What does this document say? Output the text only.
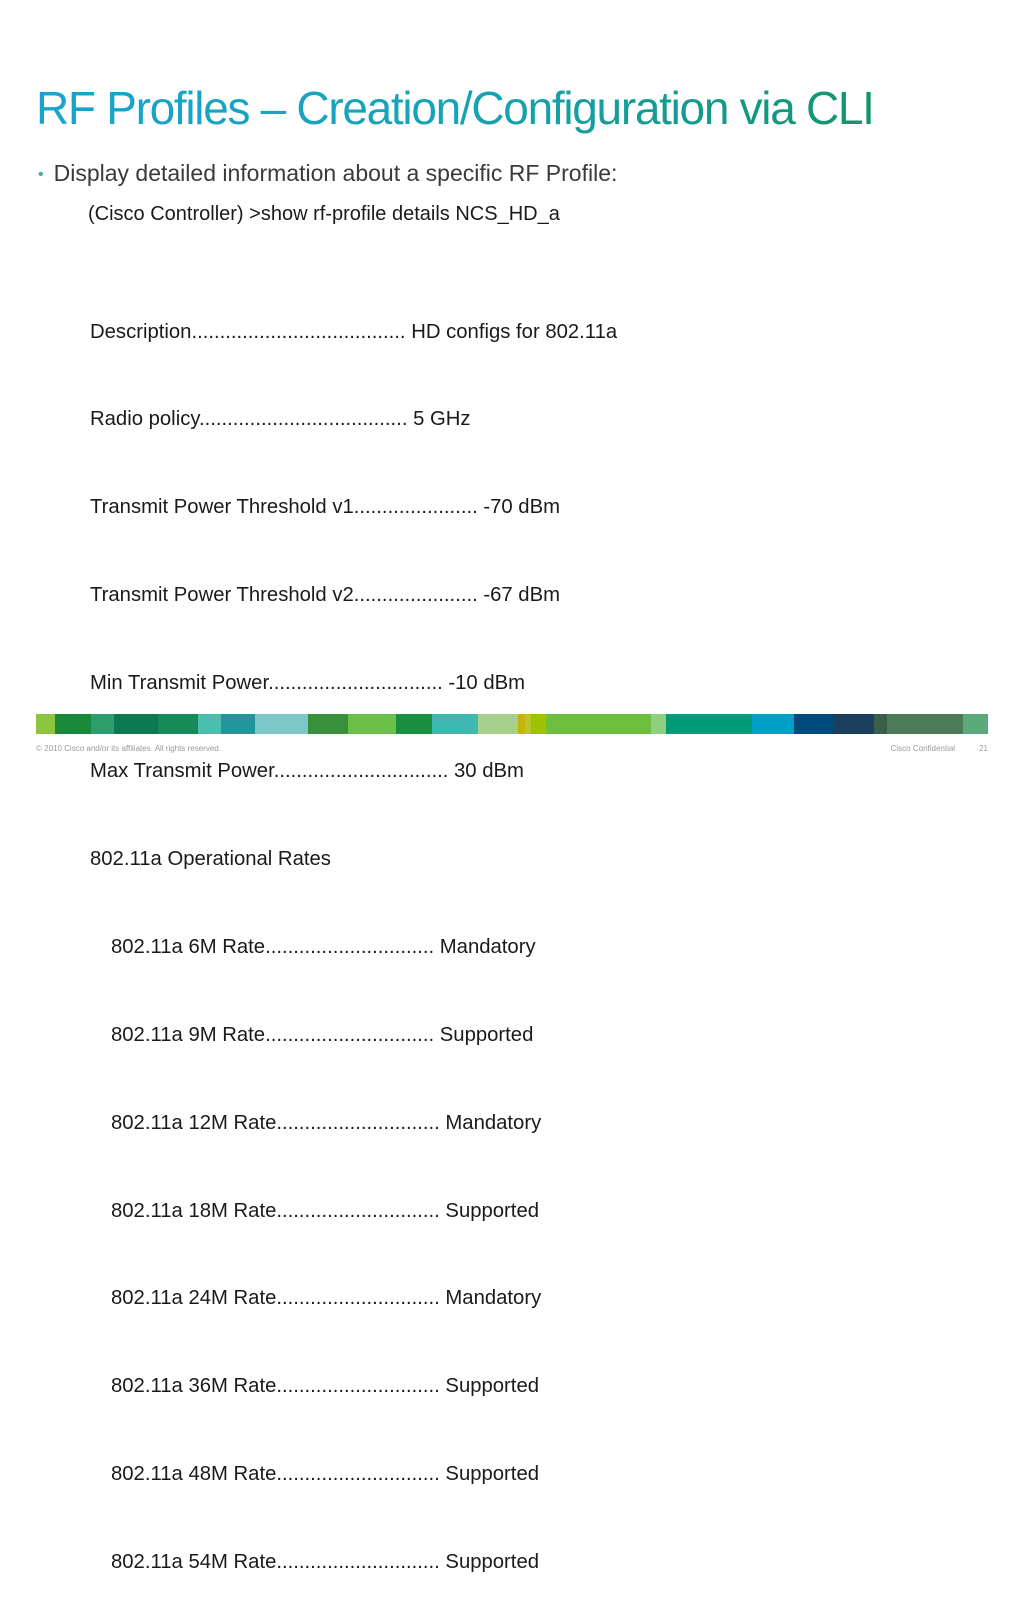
RF Profiles – Creation/Configuration via CLI
• Display detailed information about a specific RF Profile:
(Cisco Controller) >show rf-profile details NCS_HD_a

Description...................................... HD configs for 802.11a

Radio policy..................................... 5 GHz

Transmit Power Threshold v1...................... -70 dBm

Transmit Power Threshold v2...................... -67 dBm

Min Transmit Power............................... -10 dBm

Max Transmit Power............................... 30 dBm

802.11a Operational Rates

802.11a 6M Rate.............................. Mandatory

802.11a 9M Rate.............................. Supported

802.11a 12M Rate............................. Mandatory

802.11a 18M Rate............................. Supported

802.11a 24M Rate............................. Mandatory

802.11a 36M Rate............................. Supported

802.11a 48M Rate............................. Supported

802.11a 54M Rate............................. Supported

© 2010 Cisco and/or its affiliates. All rights reserved.	Cisco Confidential	21
